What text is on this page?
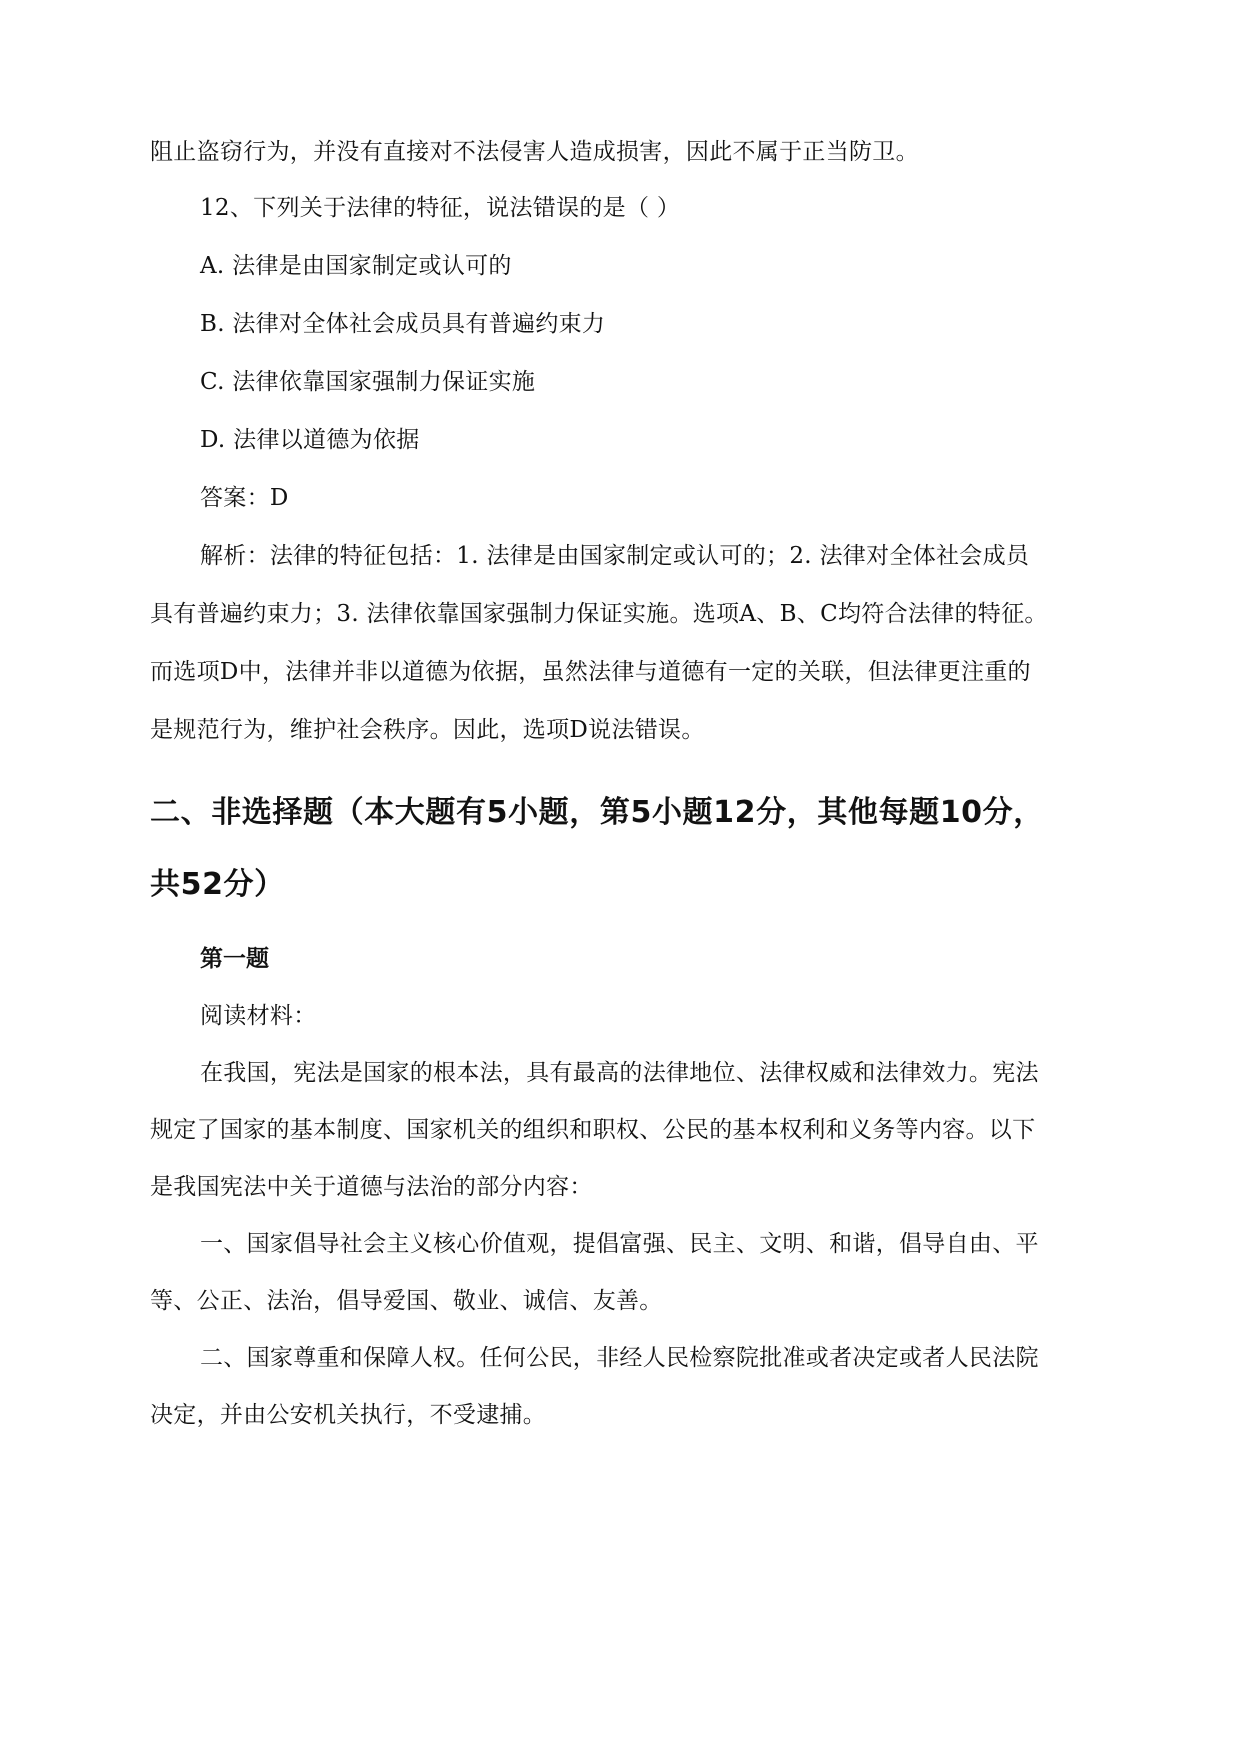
阻止盗窃行为，并没有直接对不法侵害人造成损害，因此不属于正当防卫。
12、下列关于法律的特征，说法错误的是（ ）
A. 法律是由国家制定或认可的
B. 法律对全体社会成员具有普遍约束力
C. 法律依靠国家强制力保证实施
D. 法律以道德为依据
答案：D
解析：法律的特征包括：1. 法律是由国家制定或认可的；2. 法律对全体社会成员
具有普遍约束力；3. 法律依靠国家强制力保证实施。选项A、B、C均符合法律的特征。
而选项D中，法律并非以道德为依据，虽然法律与道德有一定的关联，但法律更注重的
是规范行为，维护社会秩序。因此，选项D说法错误。
二、非选择题（本大题有5小题，第5小题12分，其他每题10分，
共52分）
第一题
阅读材料：
在我国，宪法是国家的根本法，具有最高的法律地位、法律权威和法律效力。宪法
规定了国家的基本制度、国家机关的组织和职权、公民的基本权利和义务等内容。以下
是我国宪法中关于道德与法治的部分内容：
一、国家倡导社会主义核心价值观，提倡富强、民主、文明、和谐，倡导自由、平
等、公正、法治，倡导爱国、敬业、诚信、友善。
二、国家尊重和保障人权。任何公民，非经人民检察院批准或者决定或者人民法院
决定，并由公安机关执行，不受逮捕。
